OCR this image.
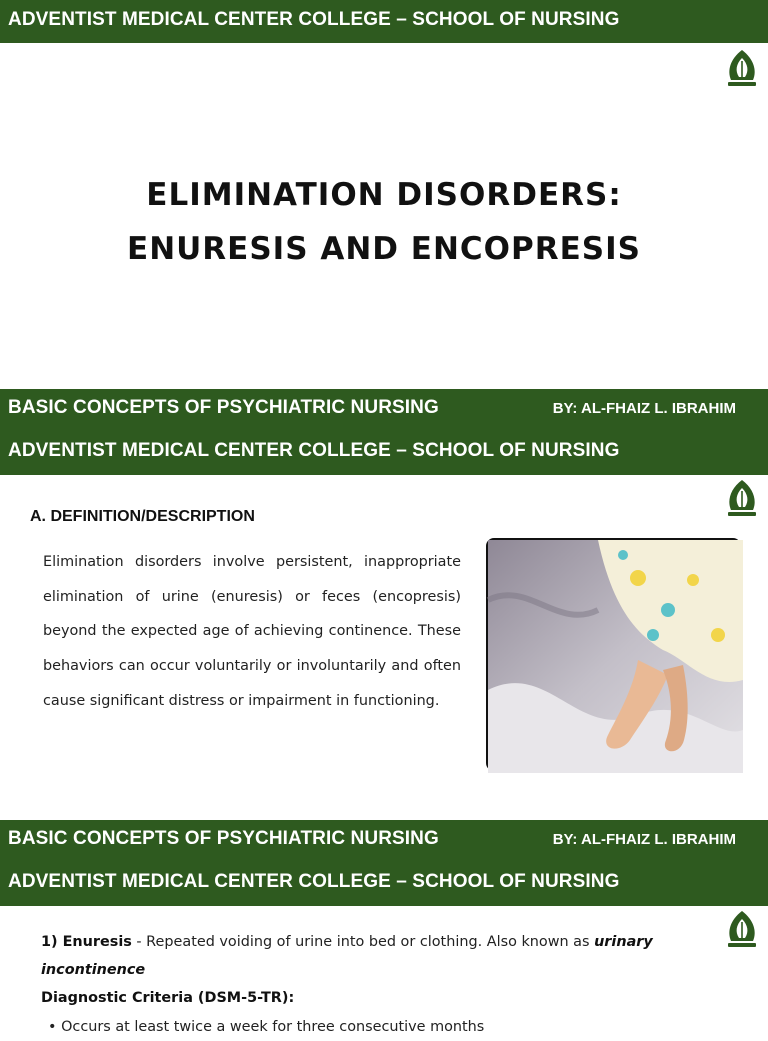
ADVENTIST MEDICAL CENTER COLLEGE – SCHOOL OF NURSING
ELIMINATION DISORDERS:
ENURESIS AND ENCOPRESIS
BASIC CONCEPTS OF PSYCHIATRIC NURSING	BY: AL-FHAIZ L. IBRAHIM
ADVENTIST MEDICAL CENTER COLLEGE – SCHOOL OF NURSING
A. DEFINITION/DESCRIPTION
Elimination disorders involve persistent, inappropriate elimination of urine (enuresis) or feces (encopresis) beyond the expected age of achieving continence. These behaviors can occur voluntarily or involuntarily and often cause significant distress or impairment in functioning.
BASIC CONCEPTS OF PSYCHIATRIC NURSING	BY: AL-FHAIZ L. IBRAHIM
ADVENTIST MEDICAL CENTER COLLEGE – SCHOOL OF NURSING
1) Enuresis - Repeated voiding of urine into bed or clothing. Also known as urinary incontinence
Diagnostic Criteria (DSM-5-TR):
• Occurs at least twice a week for three consecutive months
